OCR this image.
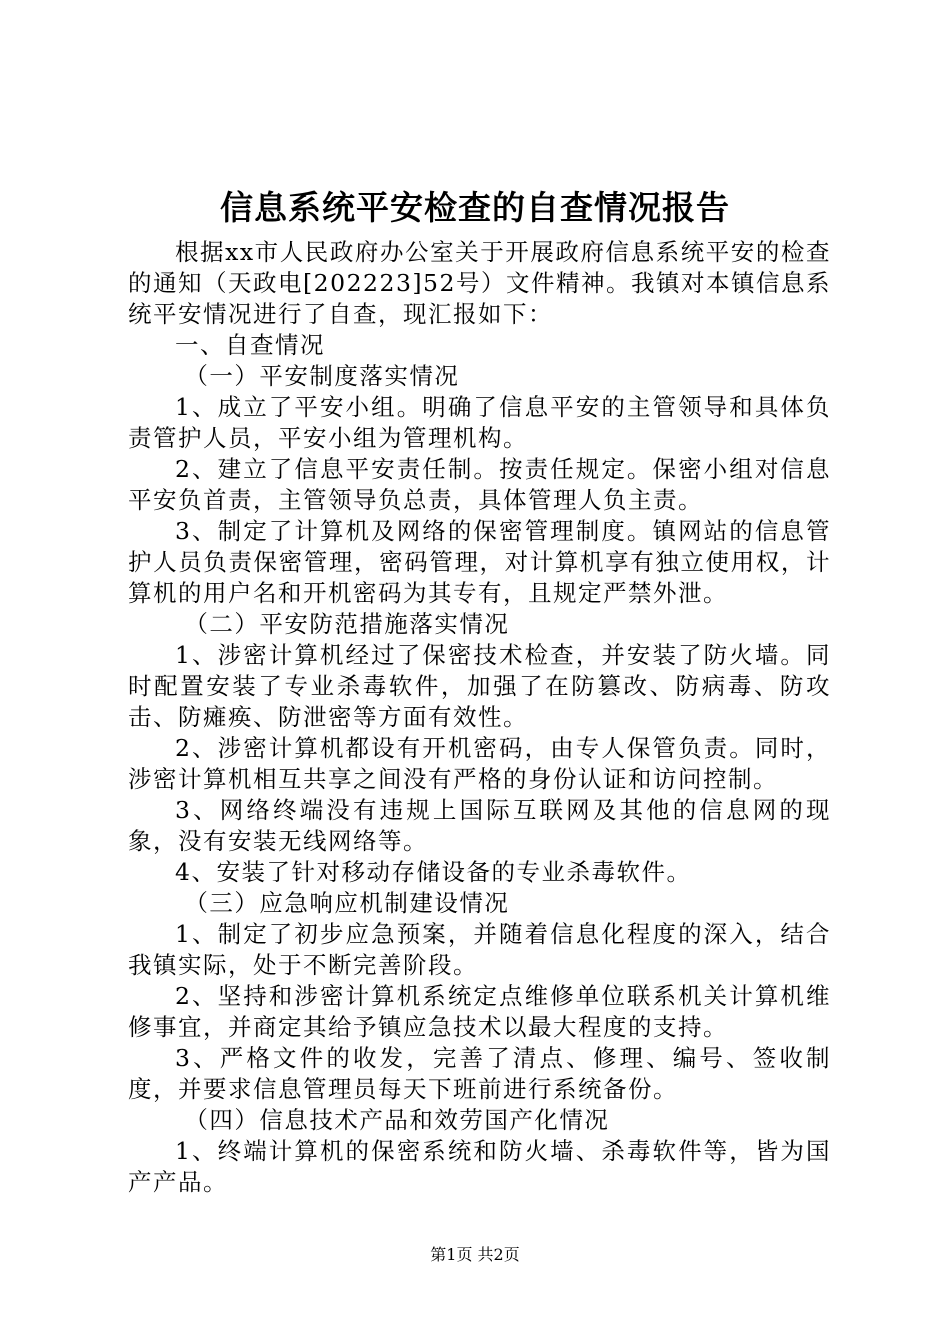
信息系统平安检查的自查情况报告

根据xx市人民政府办公室关于开展政府信息系统平安的检查的通知（天政电[202223]52号）文件精神。我镇对本镇信息系统平安情况进行了自查，现汇报如下：

一、自查情况

（一）平安制度落实情况

1、成立了平安小组。明确了信息平安的主管领导和具体负责管护人员，平安小组为管理机构。

2、建立了信息平安责任制。按责任规定。保密小组对信息平安负首责，主管领导负总责，具体管理人负主责。

3、制定了计算机及网络的保密管理制度。镇网站的信息管护人员负责保密管理，密码管理，对计算机享有独立使用权，计算机的用户名和开机密码为其专有，且规定严禁外泄。

（二）平安防范措施落实情况

1、涉密计算机经过了保密技术检查，并安装了防火墙。同时配置安装了专业杀毒软件，加强了在防篡改、防病毒、防攻击、防瘫痪、防泄密等方面有效性。

2、涉密计算机都设有开机密码，由专人保管负责。同时，涉密计算机相互共享之间没有严格的身份认证和访问控制。

3、网络终端没有违规上国际互联网及其他的信息网的现象，没有安装无线网络等。

4、安装了针对移动存储设备的专业杀毒软件。

（三）应急响应机制建设情况

1、制定了初步应急预案，并随着信息化程度的深入，结合我镇实际，处于不断完善阶段。

2、坚持和涉密计算机系统定点维修单位联系机关计算机维修事宜，并商定其给予镇应急技术以最大程度的支持。

3、严格文件的收发，完善了清点、修理、编号、签收制度，并要求信息管理员每天下班前进行系统备份。

（四）信息技术产品和效劳国产化情况

1、终端计算机的保密系统和防火墙、杀毒软件等，皆为国产产品。

第1页 共2页
